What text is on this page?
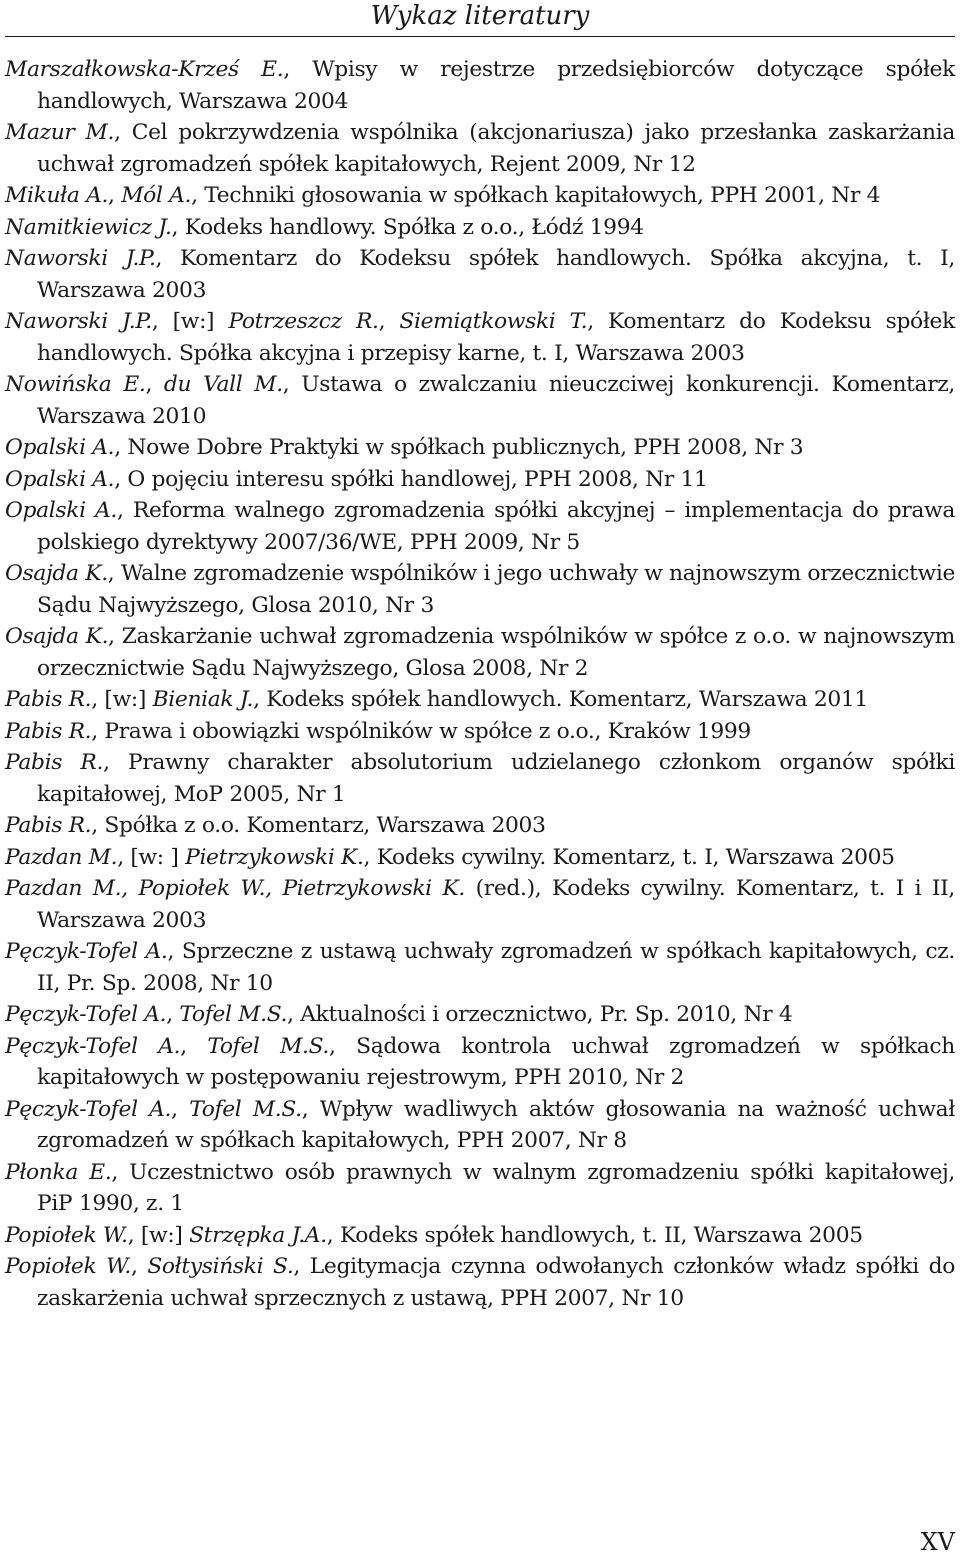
Wykaz literatury

Marszałkowska-Krześ E., Wpisy w rejestrze przedsiębiorców dotyczące spółek handlowych, Warszawa 2004

Mazur M., Cel pokrzywdzenia wspólnika (akcjonariusza) jako przesłanka zaskarżania uchwał zgromadzeń spółek kapitałowych, Rejent 2009, Nr 12

Mikuła A., Mól A., Techniki głosowania w spółkach kapitałowych, PPH 2001, Nr 4

Namitkiewicz J., Kodeks handlowy. Spółka z o.o., Łódź 1994

Naworski J.P., Komentarz do Kodeksu spółek handlowych. Spółka akcyjna, t. I, Warszawa 2003

Naworski J.P., [w:] Potrzeszcz R., Siemiątkowski T., Komentarz do Kodeksu spółek handlowych. Spółka akcyjna i przepisy karne, t. I, Warszawa 2003

Nowińska E., du Vall M., Ustawa o zwalczaniu nieuczciwej konkurencji. Komentarz, Warszawa 2010

Opalski A., Nowe Dobre Praktyki w spółkach publicznych, PPH 2008, Nr 3

Opalski A., O pojęciu interesu spółki handlowej, PPH 2008, Nr 11

Opalski A., Reforma walnego zgromadzenia spółki akcyjnej – implementacja do prawa polskiego dyrektywy 2007/36/WE, PPH 2009, Nr 5

Osajda K., Walne zgromadzenie wspólników i jego uchwały w najnowszym orzecznictwie Sądu Najwyższego, Glosa 2010, Nr 3

Osajda K., Zaskarżanie uchwał zgromadzenia wspólników w spółce z o.o. w najnowszym orzecznictwie Sądu Najwyższego, Glosa 2008, Nr 2

Pabis R., [w:] Bieniak J., Kodeks spółek handlowych. Komentarz, Warszawa 2011

Pabis R., Prawa i obowiązki wspólników w spółce z o.o., Kraków 1999

Pabis R., Prawny charakter absolutorium udzielanego członkom organów spółki kapitałowej, MoP 2005, Nr 1

Pabis R., Spółka z o.o. Komentarz, Warszawa 2003

Pazdan M., [w: ] Pietrzykowski K., Kodeks cywilny. Komentarz, t. I, Warszawa 2005

Pazdan M., Popiołek W., Pietrzykowski K. (red.), Kodeks cywilny. Komentarz, t. I i II, Warszawa 2003

Pęczyk-Tofel A., Sprzeczne z ustawą uchwały zgromadzeń w spółkach kapitałowych, cz. II, Pr. Sp. 2008, Nr 10

Pęczyk-Tofel A., Tofel M.S., Aktualności i orzecznictwo, Pr. Sp. 2010, Nr 4

Pęczyk-Tofel A., Tofel M.S., Sądowa kontrola uchwał zgromadzeń w spółkach kapitałowych w postępowaniu rejestrowym, PPH 2010, Nr 2

Pęczyk-Tofel A., Tofel M.S., Wpływ wadliwych aktów głosowania na ważność uchwał zgromadzeń w spółkach kapitałowych, PPH 2007, Nr 8

Płonka E., Uczestnictwo osób prawnych w walnym zgromadzeniu spółki kapitałowej, PiP 1990, z. 1

Popiołek W., [w:] Strzępka J.A., Kodeks spółek handlowych, t. II, Warszawa 2005

Popiołek W., Sołtysiński S., Legitymacja czynna odwołanych członków władz spółki do zaskarżenia uchwał sprzecznych z ustawą, PPH 2007, Nr 10

XV
